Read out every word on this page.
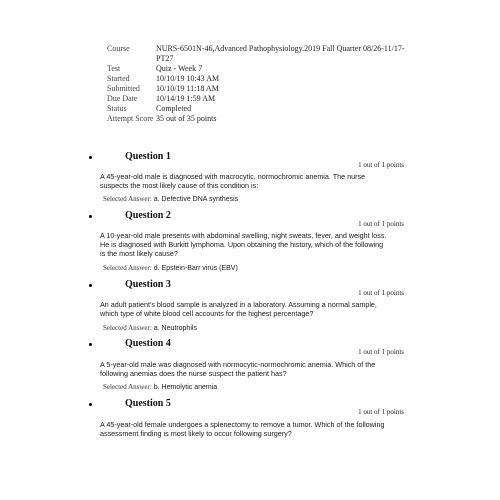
Course	NURS-6501N-46,Advanced Pathophysiology.2019 Fall Quarter 08/26-11/17-PT27
Test	Quiz - Week 7
Started	10/10/19 10:43 AM
Submitted	10/10/19 11:18 AM
Due Date	10/14/19 1:59 AM
Status	Completed
Attempt Score 35 out of 35 points
Question 1
1 out of 1 points
A 45-year-old male is diagnosed with macrocytic, normochromic anemia. The nurse suspects the most likely cause of this condition is:
Selected Answer: a. Defective DNA synthesis
Question 2
1 out of 1 points
A 10-year-old male presents with abdominal swelling, night sweats, fever, and weight loss. He is diagnosed with Burkitt lymphoma. Upon obtaining the history, which of the following is the most likely cause?
Selected Answer: d. Epstein-Barr virus (EBV)
Question 3
1 out of 1 points
An adult patient's blood sample is analyzed in a laboratory. Assuming a normal sample, which type of white blood cell accounts for the highest percentage?
Selected Answer: a. Neutrophils
Question 4
1 out of 1 points
A 5-year-old male was diagnosed with normocytic-normochromic anemia. Which of the following anemias does the nurse suspect the patient has?
Selected Answer: b. Hemolytic anemia
Question 5
1 out of 1 points
A 45-year-old female undergoes a splenectomy to remove a tumor. Which of the following assessment finding is most likely to occur following surgery?
